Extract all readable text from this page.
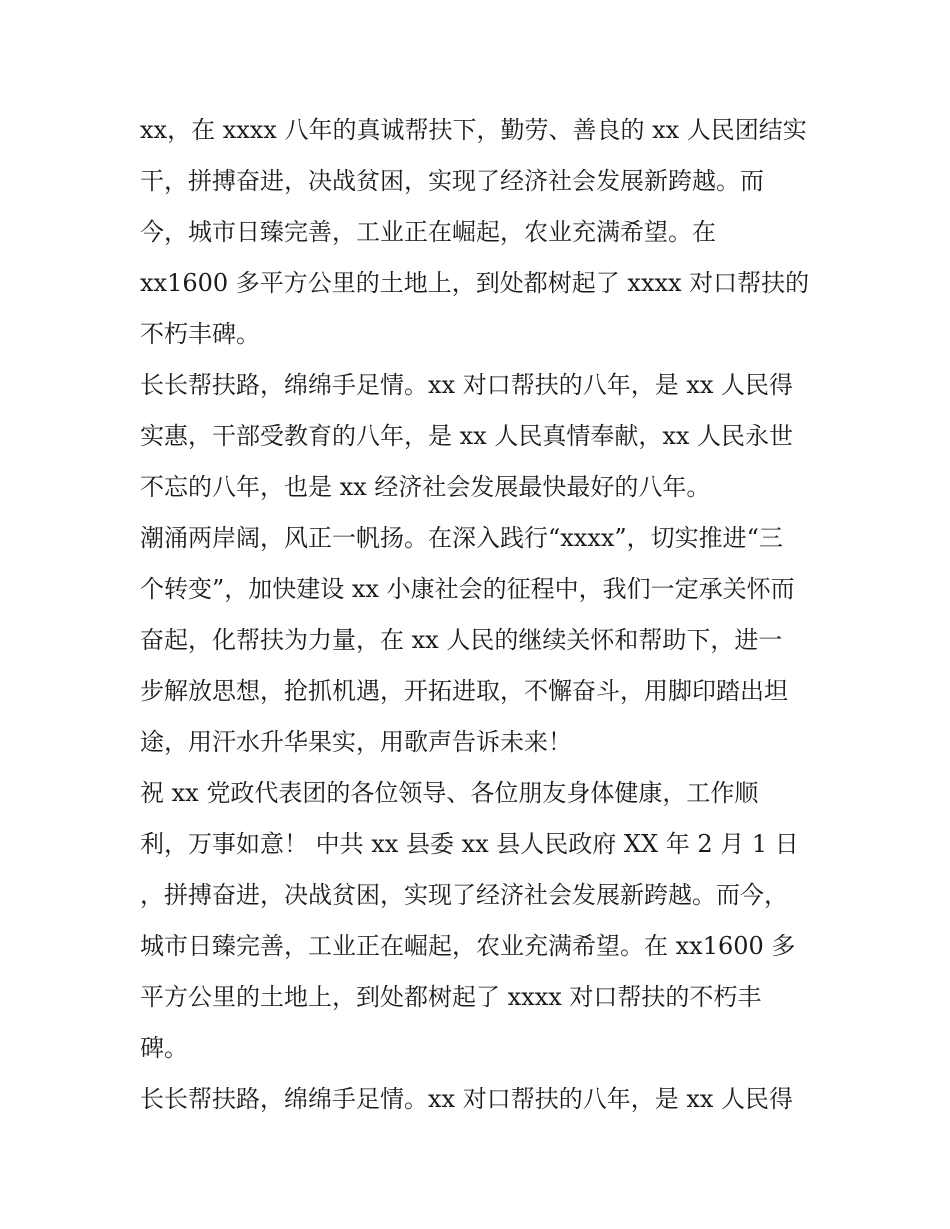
xx，在 xxxx 八年的真诚帮扶下，勤劳、善良的 xx 人民团结实

干，拼搏奋进，决战贫困，实现了经济社会发展新跨越。而

今，城市日臻完善，工业正在崛起，农业充满希望。在

xx1600 多平方公里的土地上，到处都树起了 xxxx 对口帮扶的

不朽丰碑。

长长帮扶路，绵绵手足情。xx 对口帮扶的八年，是 xx 人民得

实惠，干部受教育的八年，是 xx 人民真情奉献，xx 人民永世

不忘的八年，也是 xx 经济社会发展最快最好的八年。

潮涌两岸阔，风正一帆扬。在深入践行“xxxx”，切实推进“三

个转变”，加快建设 xx 小康社会的征程中，我们一定承关怀而

奋起，化帮扶为力量，在 xx 人民的继续关怀和帮助下，进一

步解放思想，抢抓机遇，开拓进取，不懈奋斗，用脚印踏出坦

途，用汗水升华果实，用歌声告诉未来！

祝 xx 党政代表团的各位领导、各位朋友身体健康，工作顺

利，万事如意！ 中共 xx 县委 xx 县人民政府 XX 年 2 月 1 日

，拼搏奋进，决战贫困，实现了经济社会发展新跨越。而今，

城市日臻完善，工业正在崛起，农业充满希望。在 xx1600 多

平方公里的土地上，到处都树起了 xxxx 对口帮扶的不朽丰

碑。

长长帮扶路，绵绵手足情。xx 对口帮扶的八年，是 xx 人民得
